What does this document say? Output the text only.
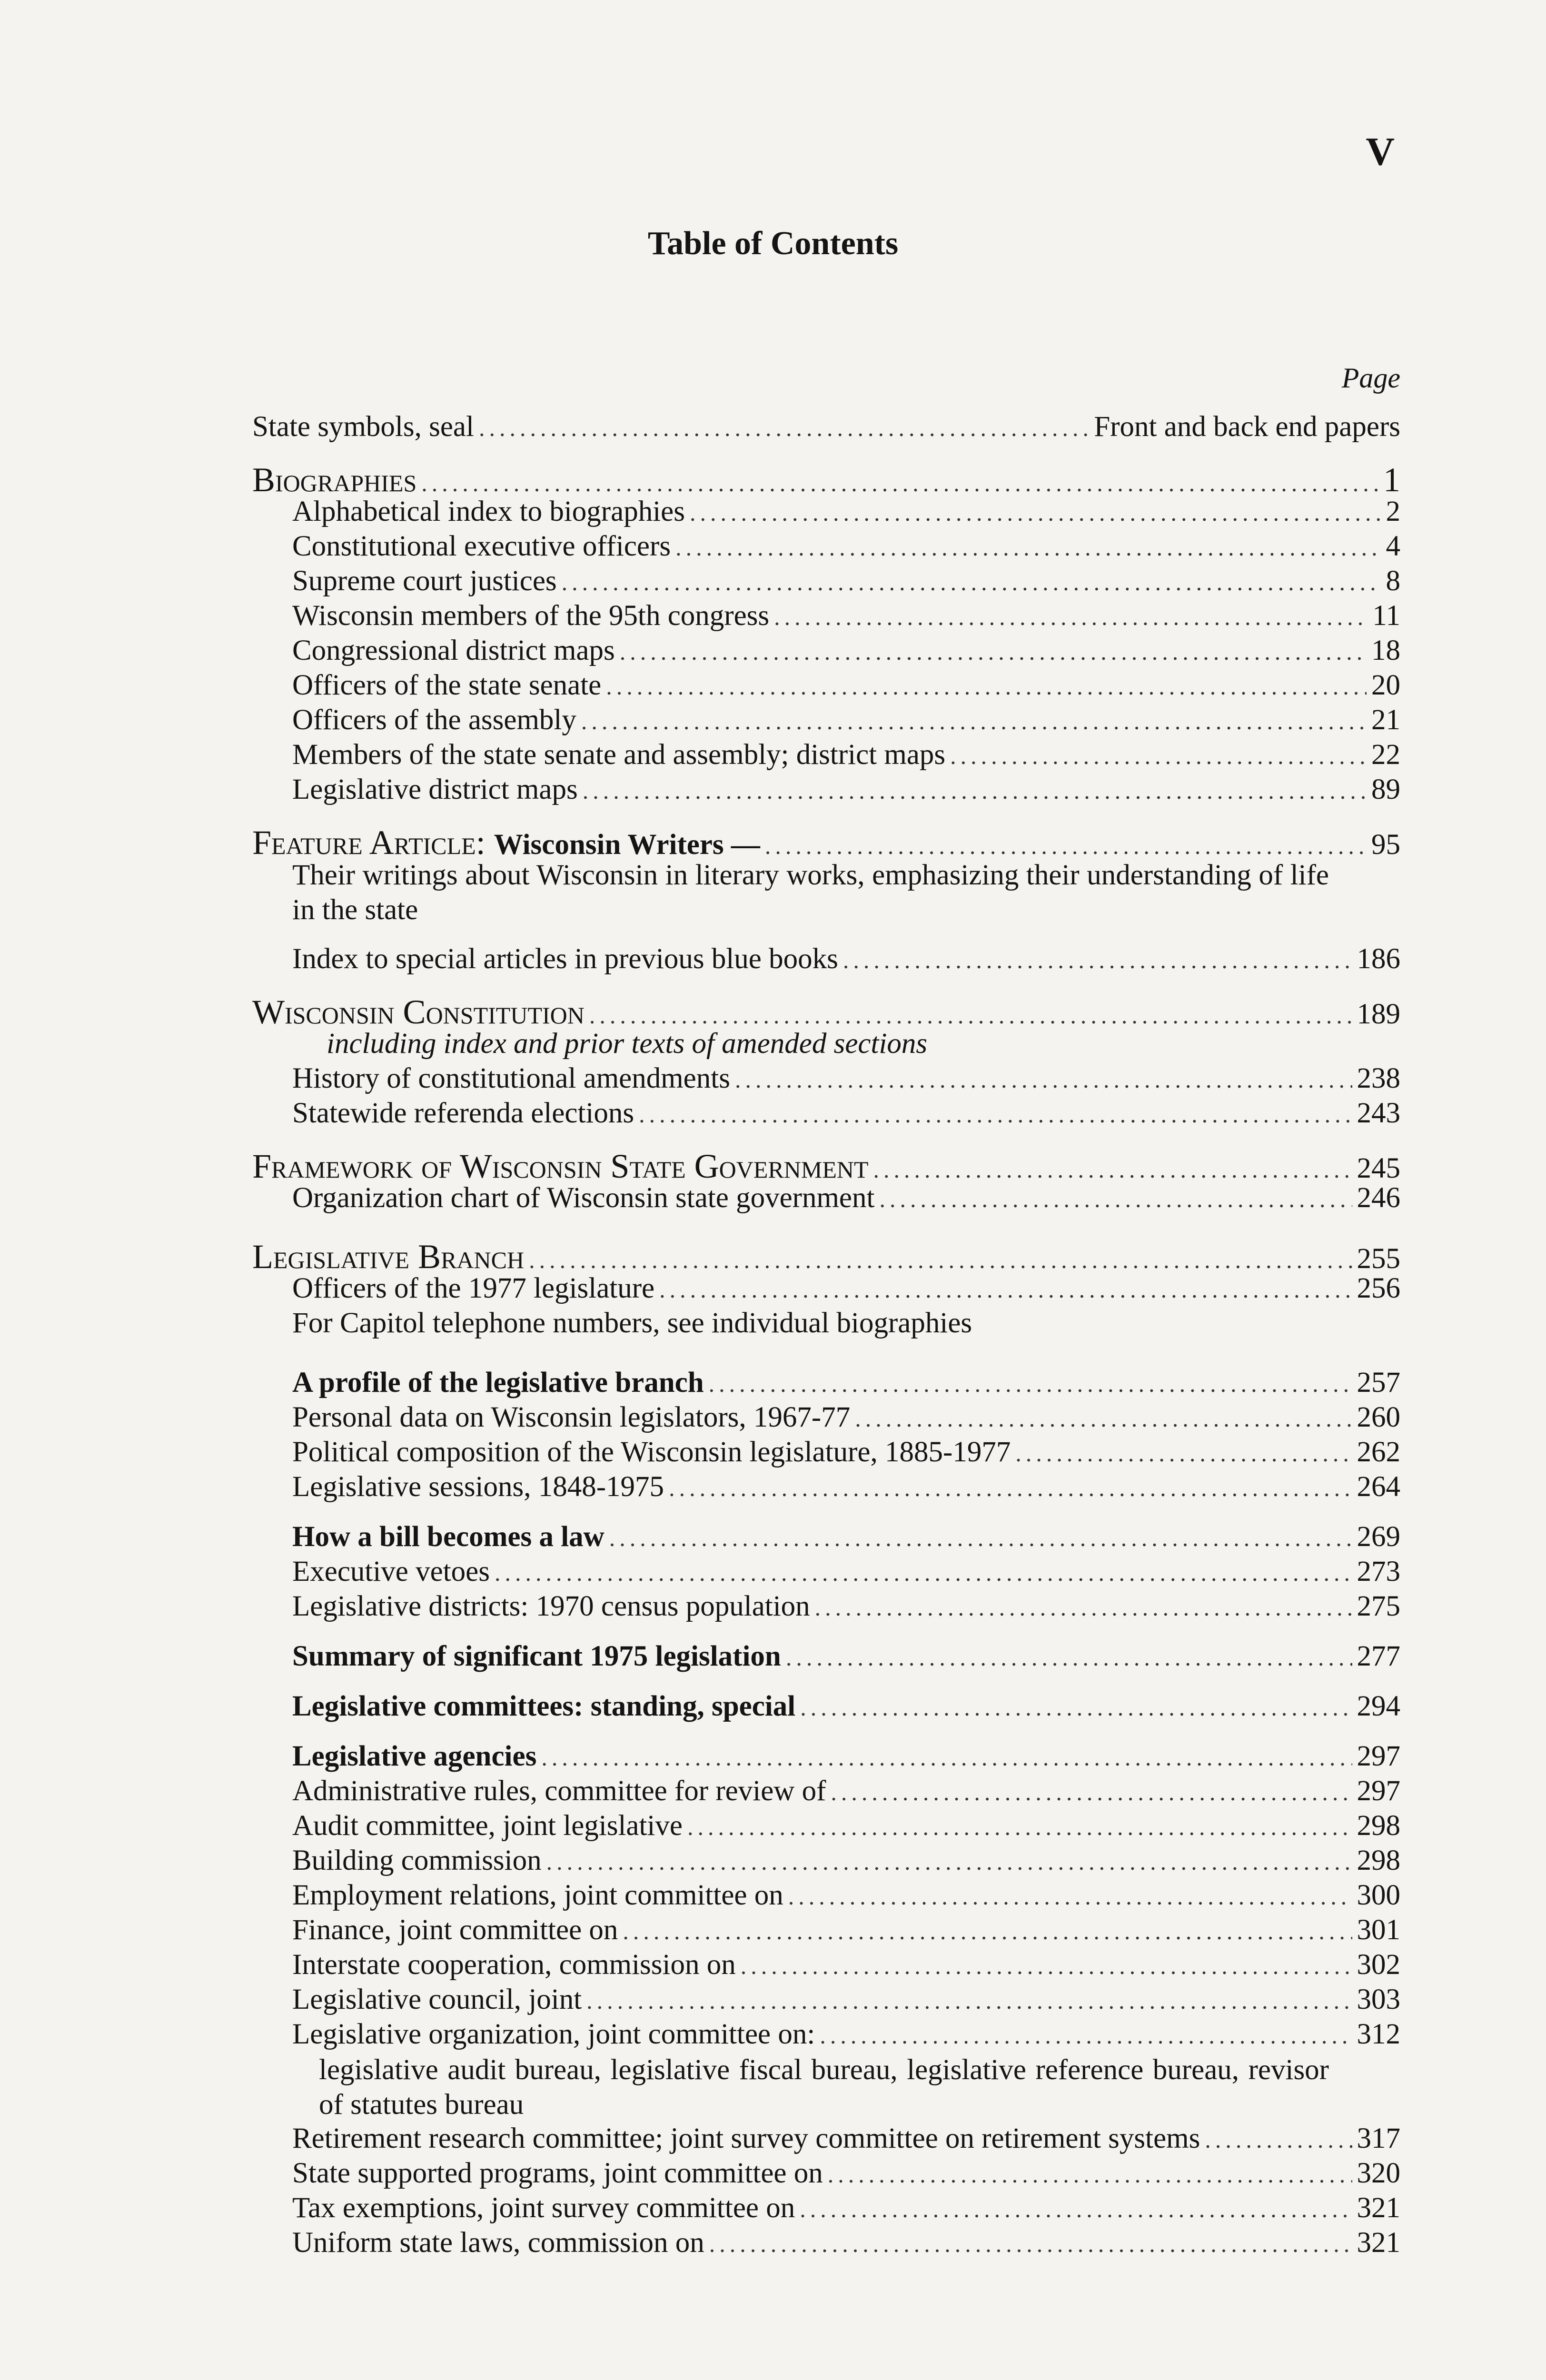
V
Table of Contents
Page
State symbols, seal .....	Front and back end papers
Biographies .....	1
Alphabetical index to biographies .....	2
Constitutional executive officers .....	4
Supreme court justices .....	8
Wisconsin members of the 95th congress .....	11
Congressional district maps .....	18
Officers of the state senate .....	20
Officers of the assembly .....	21
Members of the state senate and assembly; district maps .....	22
Legislative district maps .....	89
Feature Article: Wisconsin Writers — .....	95
Their writings about Wisconsin in literary works, emphasizing their understanding of life in the state
Index to special articles in previous blue books .....	186
Wisconsin Constitution .....	189
including index and prior texts of amended sections
History of constitutional amendments .....	238
Statewide referenda elections .....	243
Framework of Wisconsin State Government .....	245
Organization chart of Wisconsin state government .....	246
Legislative Branch .....	255
Officers of the 1977 legislature .....	256
For Capitol telephone numbers, see individual biographies
A profile of the legislative branch .....	257
Personal data on Wisconsin legislators, 1967-77 .....	260
Political composition of the Wisconsin legislature, 1885-1977 .....	262
Legislative sessions, 1848-1975 .....	264
How a bill becomes a law .....	269
Executive vetoes .....	273
Legislative districts: 1970 census population .....	275
Summary of significant 1975 legislation .....	277
Legislative committees: standing, special .....	294
Legislative agencies .....	297
Administrative rules, committee for review of .....	297
Audit committee, joint legislative .....	298
Building commission .....	298
Employment relations, joint committee on .....	300
Finance, joint committee on .....	301
Interstate cooperation, commission on .....	302
Legislative council, joint .....	303
Legislative organization, joint committee on: .....	312
legislative audit bureau, legislative fiscal bureau, legislative reference bureau, revisor of statutes bureau
Retirement research committee; joint survey committee on retirement systems .....	317
State supported programs, joint committee on .....	320
Tax exemptions, joint survey committee on .....	321
Uniform state laws, commission on .....	321
